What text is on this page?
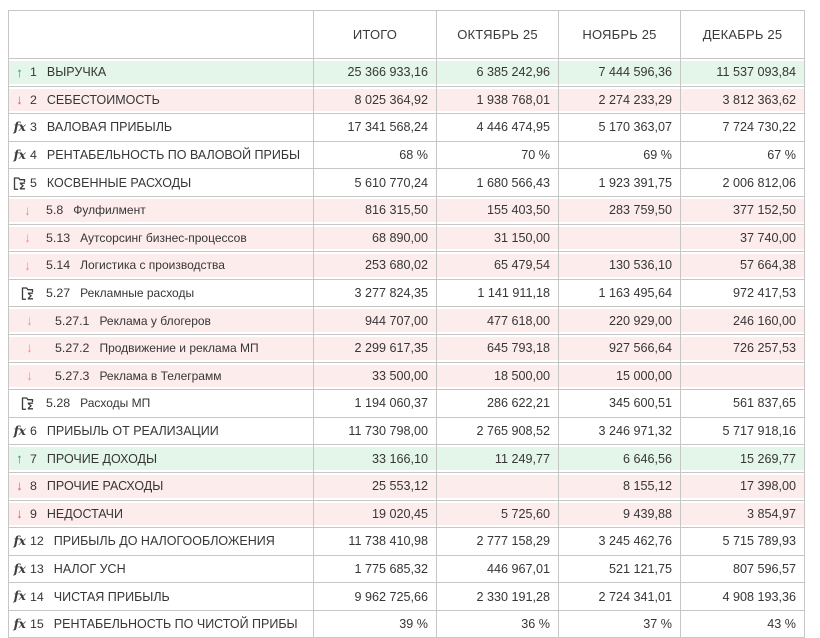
	ИТОГО	ОКТЯБРЬ 25	НОЯБРЬ 25	ДЕКАБРЬ 25

↑ 1 ВЫРУЧКА	25 366 933,16	6 385 242,96	7 444 596,36	11 537 093,84

↓ 2 СЕБЕСТОИМОСТЬ	8 025 364,92	1 938 768,01	2 274 233,29	3 812 363,62

fx 3 ВАЛОВАЯ ПРИБЫЛЬ	17 341 568,24	4 446 474,95	5 170 363,07	7 724 730,22

fx 4 РЕНТАБЕЛЬНОСТЬ ПО ВАЛОВОЙ ПРИБЫ	68 %	70 %	69 %	67 %

Σ 5 КОСВЕННЫЕ РАСХОДЫ	5 610 770,24	1 680 566,43	1 923 391,75	2 006 812,06

↓ 5.8 Фулфилмент	816 315,50	155 403,50	283 759,50	377 152,50

↓ 5.13 Аутсорсинг бизнес-процессов	68 890,00	31 150,00		37 740,00

↓ 5.14 Логистика с производства	253 680,02	65 479,54	130 536,10	57 664,38

Σ 5.27 Рекламные расходы	3 277 824,35	1 141 911,18	1 163 495,64	972 417,53

↓ 5.27.1 Реклама у блогеров	944 707,00	477 618,00	220 929,00	246 160,00

↓ 5.27.2 Продвижение и реклама МП	2 299 617,35	645 793,18	927 566,64	726 257,53

↓ 5.27.3 Реклама в Телеграмм	33 500,00	18 500,00	15 000,00	

Σ 5.28 Расходы МП	1 194 060,37	286 622,21	345 600,51	561 837,65

fx 6 ПРИБЫЛЬ ОТ РЕАЛИЗАЦИИ	11 730 798,00	2 765 908,52	3 246 971,32	5 717 918,16

↑ 7 ПРОЧИЕ ДОХОДЫ	33 166,10	11 249,77	6 646,56	15 269,77

↓ 8 ПРОЧИЕ РАСХОДЫ	25 553,12		8 155,12	17 398,00

↓ 9 НЕДОСТАЧИ	19 020,45	5 725,60	9 439,88	3 854,97

fx 12 ПРИБЫЛЬ ДО НАЛОГООБЛОЖЕНИЯ	11 738 410,98	2 777 158,29	3 245 462,76	5 715 789,93

fx 13 НАЛОГ УСН	1 775 685,32	446 967,01	521 121,75	807 596,57

fx 14 ЧИСТАЯ ПРИБЫЛЬ	9 962 725,66	2 330 191,28	2 724 341,01	4 908 193,36

fx 15 РЕНТАБЕЛЬНОСТЬ ПО ЧИСТОЙ ПРИБЫ	39 %	36 %	37 %	43 %
